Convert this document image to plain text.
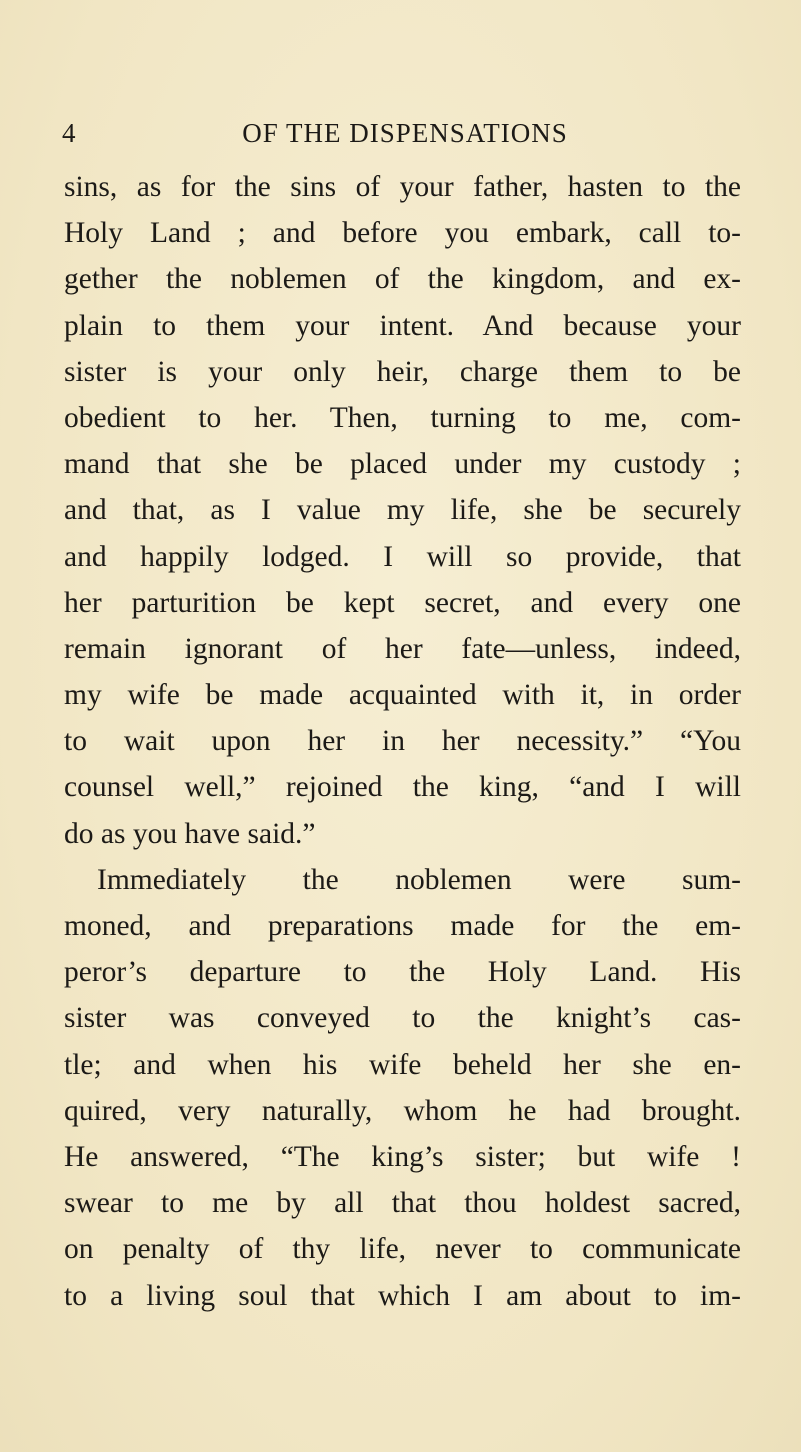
4	OF THE DISPENSATIONS
sins, as for the sins of your father, hasten to the
Holy Land ; and before you embark, call to-
gether the noblemen of the kingdom, and ex-
plain to them your intent. And because your
sister is your only heir, charge them to be
obedient to her. Then, turning to me, com-
mand that she be placed under my custody ;
and that, as I value my life, she be securely
and happily lodged. I will so provide, that
her parturition be kept secret, and every one
remain ignorant of her fate—unless, indeed,
my wife be made acquainted with it, in order
to wait upon her in her necessity.” “You
counsel well,” rejoined the king, “and I will
do as you have said.”
Immediately the noblemen were sum-
moned, and preparations made for the em-
peror’s departure to the Holy Land. His
sister was conveyed to the knight’s cas-
tle; and when his wife beheld her she en-
quired, very naturally, whom he had brought.
He answered, “The king’s sister; but wife !
swear to me by all that thou holdest sacred,
on penalty of thy life, never to communicate
to a living soul that which I am about to im-
